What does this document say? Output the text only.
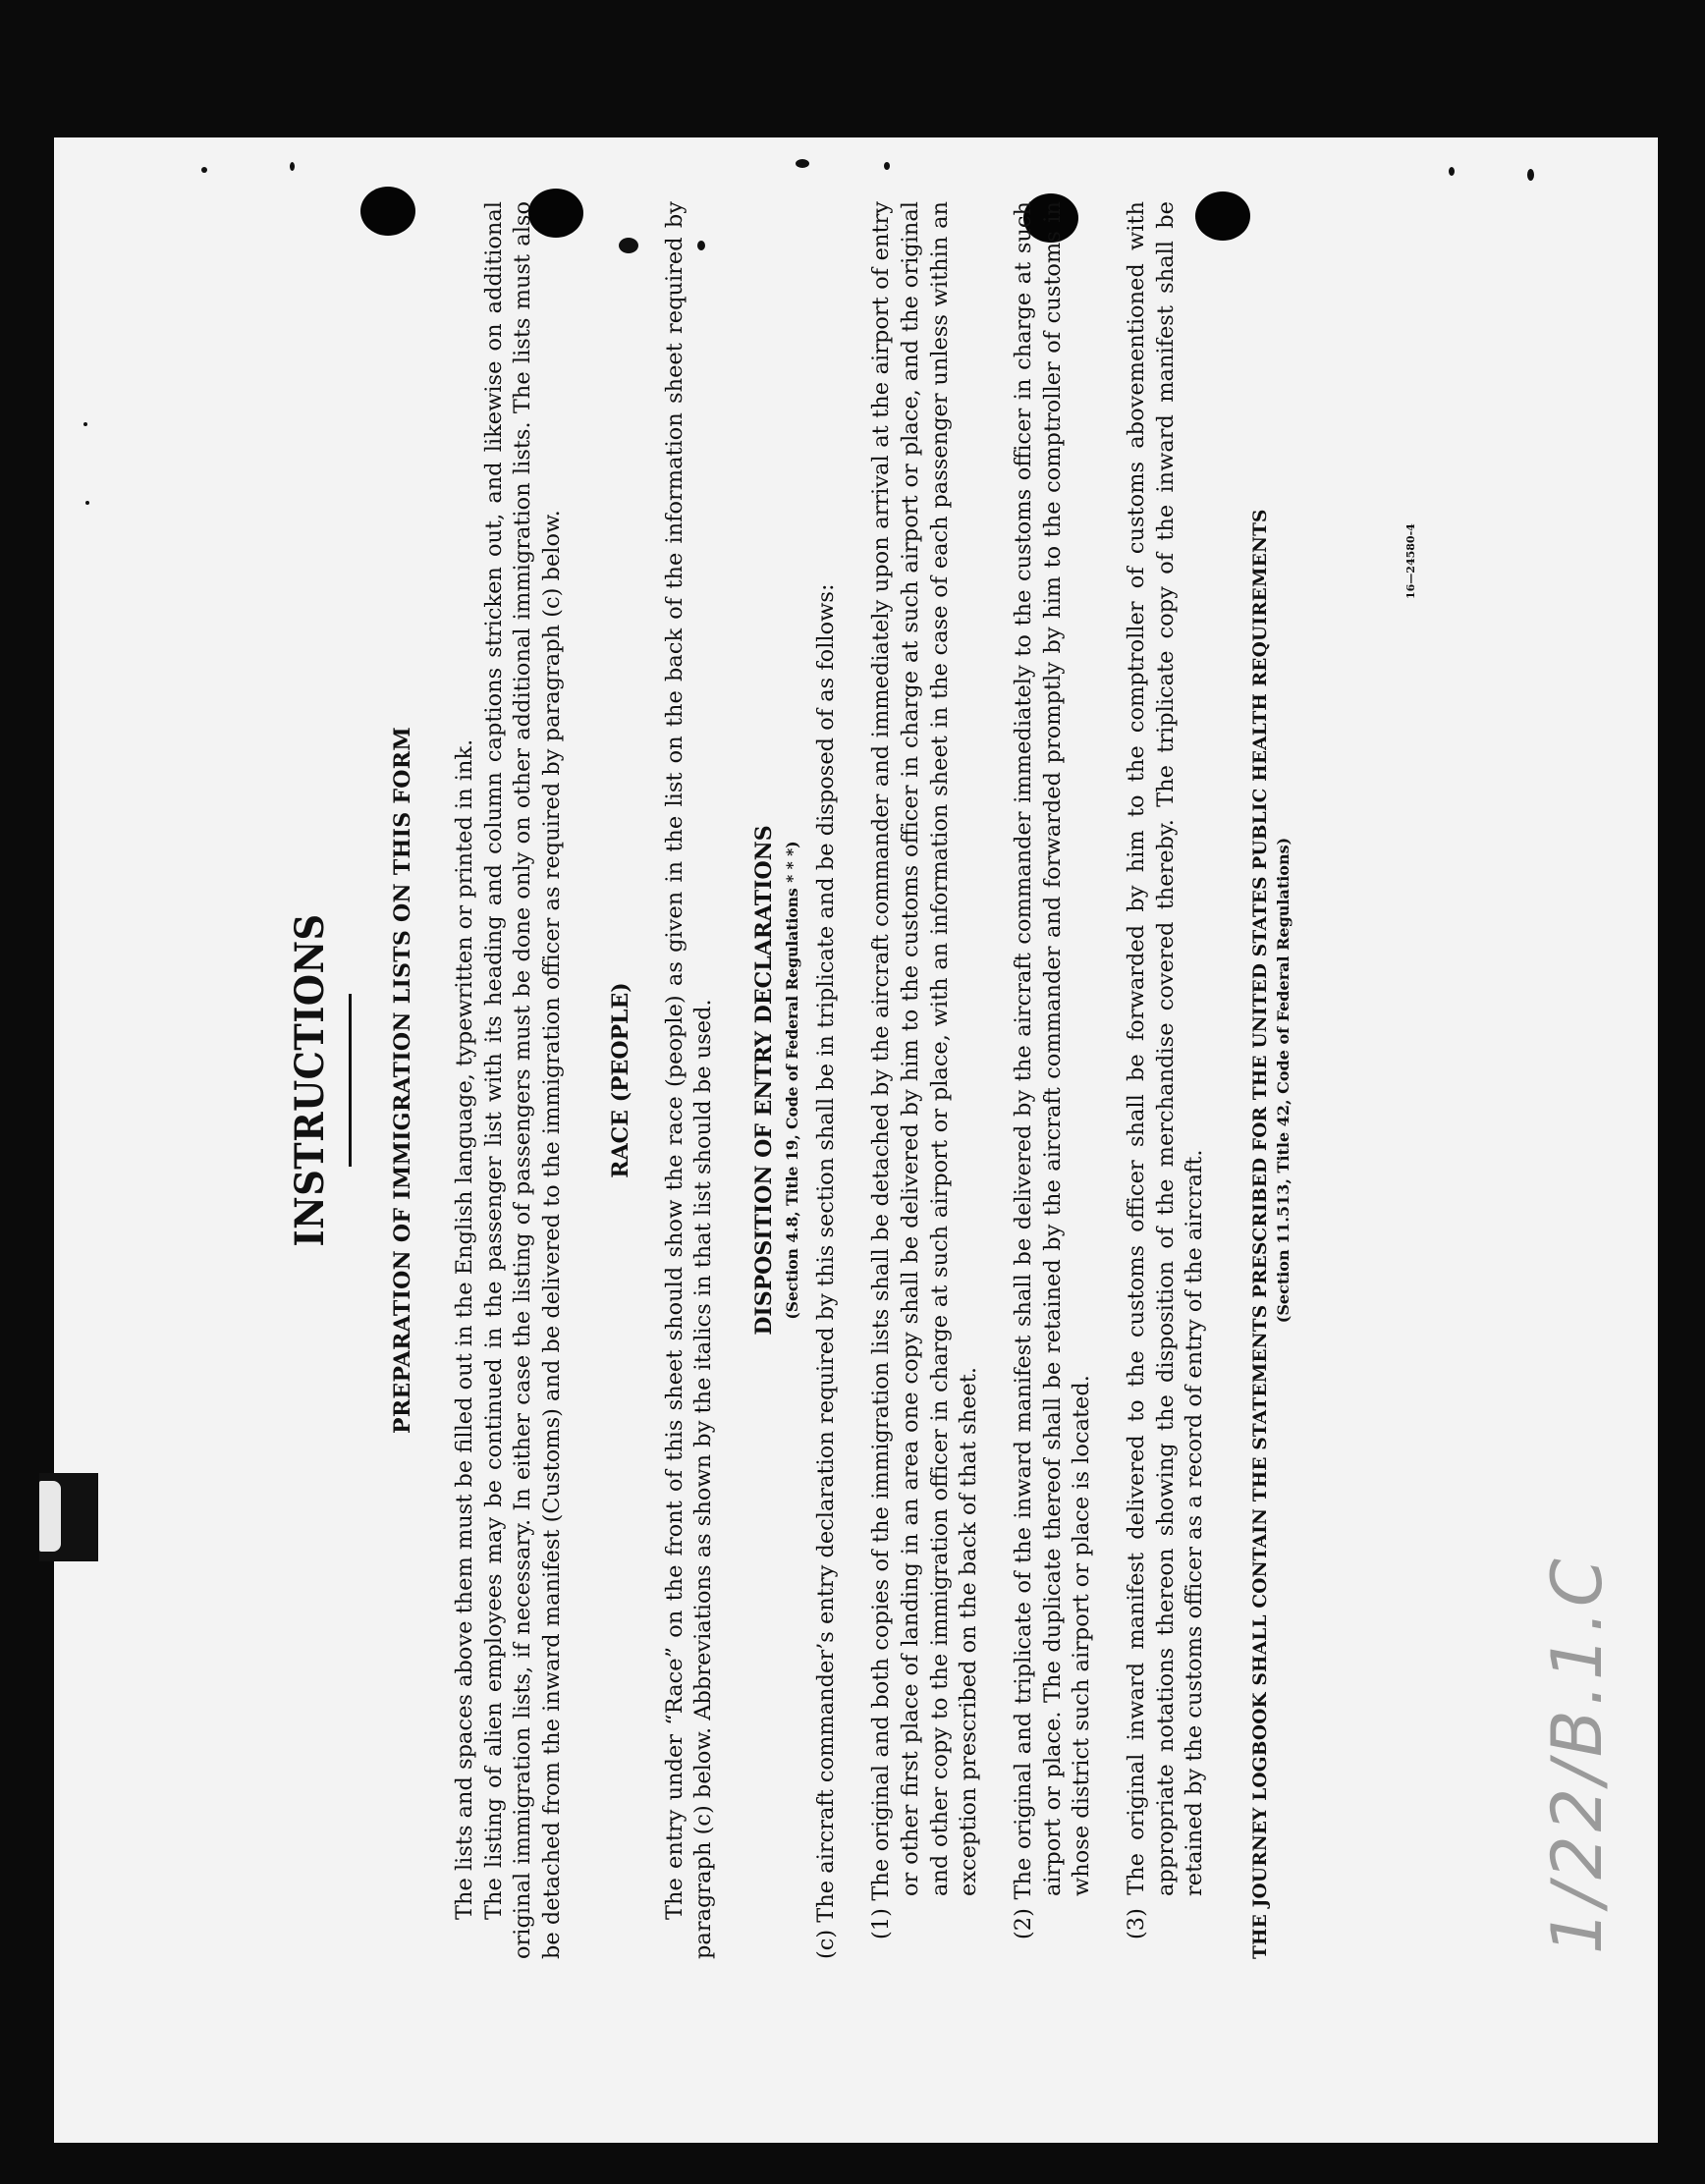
INSTRUCTIONS	PREPARATION OF IMMIGRATION LISTS ON THIS FORM The lists and spaces above them must be filled out in the English language, typewritten or printed in ink. The listing of alien employees may be continued in the passenger list with its heading and column captions stricken out, and likewise on additional original immigration lists, if necessary. In either case the listing of passengers must be done only on other additional immigration lists. The lists must also be detached from the inward manifest (Customs) and be delivered to the immigration officer as required by paragraph (c) below. RACE (PEOPLE) The entry under “Race” on the front of this sheet should show the race (people) as given in the list on the back of the information sheet required by paragraph (c) below. Abbreviations as shown by the italics in that list should be used. DISPOSITION OF ENTRY DECLARATIONS (Section 4.8, Title 19, Code of Federal Regulations * * *) (c) The aircraft commander’s entry declaration required by this section shall be in triplicate and be disposed of as follows: (1) The original and both copies of the immigration lists shall be detached by the aircraft commander and immediately upon arrival at the airport of entry or other first place of landing in an area one copy shall be delivered by him to the customs officer in charge at such airport or place, and the original and other copy to the immigration officer in charge at such airport or place, with an information sheet in the case of each passenger unless within an exception prescribed on the back of that sheet. (2) The original and triplicate of the inward manifest shall be delivered by the aircraft commander immediately to the customs officer in charge at such airport or place. The duplicate thereof shall be retained by the aircraft commander and forwarded promptly by him to the comptroller of customs in whose district such airport or place is located. (3) The original inward manifest delivered to the customs officer shall be forwarded by him to the comptroller of customs abovementioned with appropriate notations thereon showing the disposition of the merchandise covered thereby. The triplicate copy of the inward manifest shall be retained by the customs officer as a record of entry of the aircraft. THE JOURNEY LOGBOOK SHALL CONTAIN THE STATEMENTS PRESCRIBED FOR THE UNITED STATES PUBLIC HEALTH REQUIREMENTS (Section 11.513, Title 42, Code of Federal Regulations)
16—24580-4
1/22/B.1.C
